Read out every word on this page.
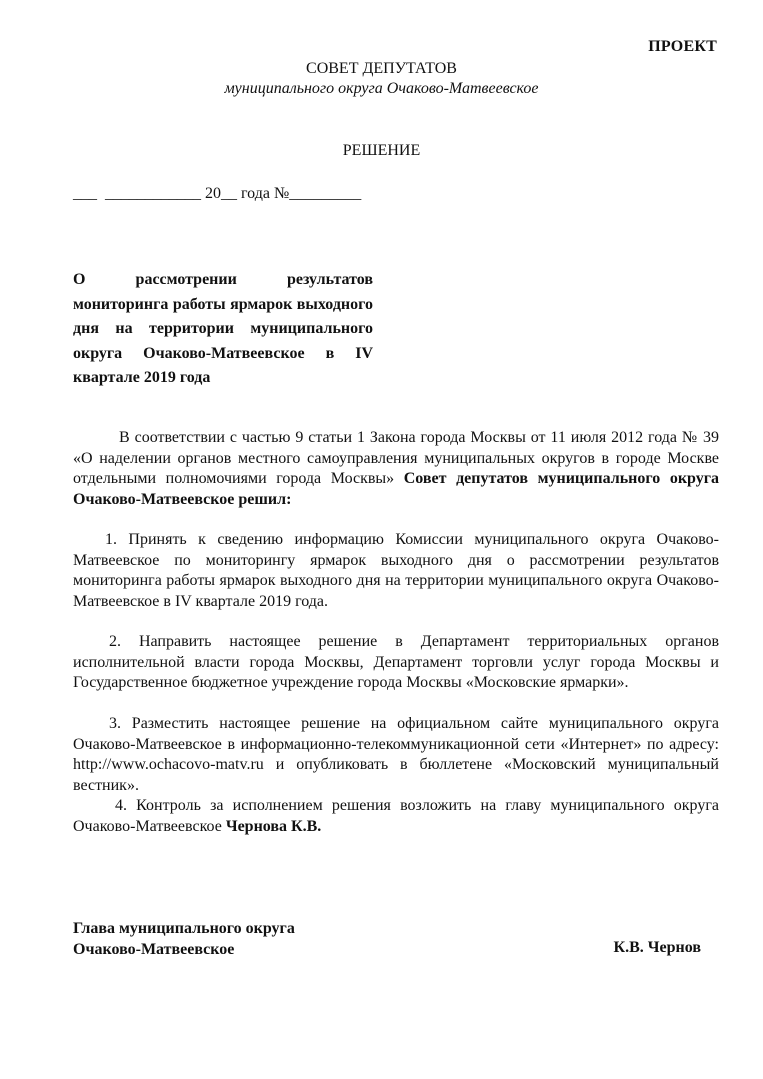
ПРОЕКТ
СОВЕТ ДЕПУТАТОВ
муниципального округа Очаково-Матвеевское
РЕШЕНИЕ
___  ____________ 20__ года №_________
О рассмотрении результатов мониторинга работы ярмарок выходного дня на территории муниципального округа Очаково-Матвеевское в IV квартале 2019 года
В соответствии с частью 9 статьи 1 Закона города Москвы от 11 июля 2012 года № 39 «О наделении органов местного самоуправления муниципальных округов в городе Москве отдельными полномочиями города Москвы» Совет депутатов муниципального округа Очаково-Матвеевское решил:
1. Принять к сведению информацию Комиссии муниципального округа Очаково-Матвеевское по мониторингу ярмарок выходного дня о рассмотрении результатов мониторинга работы ярмарок выходного дня на территории муниципального округа Очаково-Матвеевское в IV квартале 2019 года.
2. Направить настоящее решение в Департамент территориальных органов исполнительной власти города Москвы, Департамент торговли услуг города Москвы и Государственное бюджетное учреждение города Москвы «Московские ярмарки».
3. Разместить настоящее решение на официальном сайте муниципального округа Очаково-Матвеевское в информационно-телекоммуникационной сети «Интернет» по адресу: http://www.ochacovo-matv.ru и опубликовать в бюллетене «Московский муниципальный вестник».
4. Контроль за исполнением решения возложить на главу муниципального округа Очаково-Матвеевское Чернова К.В.
Глава муниципального округа
Очаково-Матвеевское	К.В. Чернов
